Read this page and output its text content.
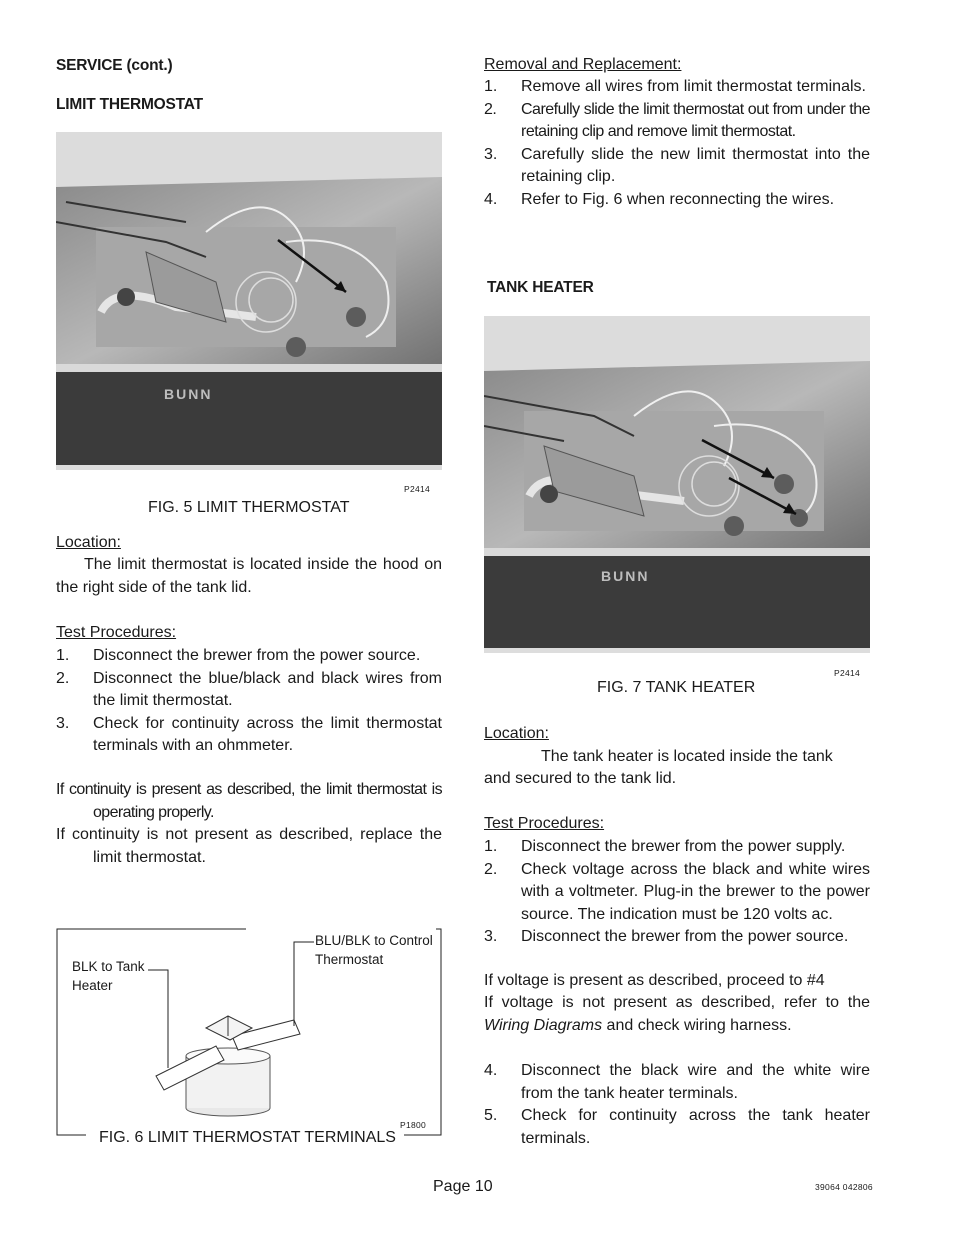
SERVICE (cont.)
LIMIT THERMOSTAT
BUNN
P2414
FIG. 5 LIMIT THERMOSTAT
Location:
The limit thermostat is located inside the hood on the right side of the tank lid.
Test Procedures:
1. Disconnect the brewer from the power source.
2. Disconnect the blue/black and black wires from the limit thermostat.
3. Check for continuity across the limit thermostat terminals with an ohmmeter.
If continuity is present as described, the limit thermostat is operating properly.
If continuity is not present as described, replace the limit thermostat.
BLK to Tank Heater
BLU/BLK to Control Thermostat
P1800
FIG. 6 LIMIT THERMOSTAT TERMINALS
Removal and Replacement:
1. Remove all wires from limit thermostat terminals.
2. Carefully slide the limit thermostat out from under the retaining clip and remove limit thermostat.
3. Carefully slide the new limit thermostat into the retaining clip.
4. Refer to Fig. 6 when reconnecting the wires.
TANK HEATER
BUNN
P2414
FIG. 7 TANK HEATER
Location:
The tank heater is located inside the tank
and secured to the tank lid.
Test Procedures:
1. Disconnect the brewer from the power supply.
2. Check voltage across the black and white wires with a voltmeter. Plug-in the brewer to the power source. The indication must be 120 volts ac.
3. Disconnect the brewer from the power source.
If voltage is present as described, proceed to #4
If voltage is not present as described, refer to the Wiring Diagrams and check wiring harness.
4. Disconnect the black wire and the white wire from the tank heater terminals.
5. Check for continuity across the tank heater terminals.
Page 10	39064 042806
